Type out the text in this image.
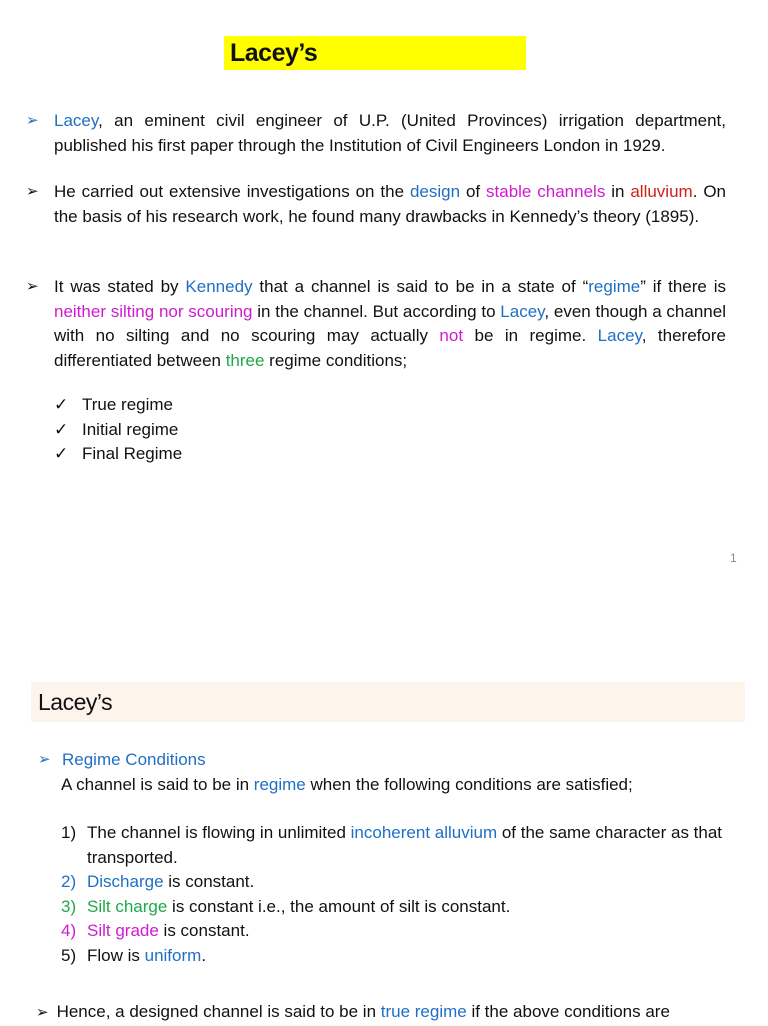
Lacey’s
➢ Lacey, an eminent civil engineer of U.P. (United Provinces) irrigation department, published his first paper through the Institution of Civil Engineers London in 1929.
➢ He carried out extensive investigations on the design of stable channels in alluvium. On the basis of his research work, he found many drawbacks in Kennedy’s theory (1895).
➢ It was stated by Kennedy that a channel is said to be in a state of “regime” if there is neither silting nor scouring in the channel. But according to Lacey, even though a channel with no silting and no scouring may actually not be in regime. Lacey, therefore differentiated between three regime conditions;
✓ True regime
✓ Initial regime
✓ Final Regime
1
Lacey’s
➢ Regime Conditions
A channel is said to be in regime when the following conditions are satisfied;
1) The channel is flowing in unlimited incoherent alluvium of the same character as that transported.
2) Discharge is constant.
3) Silt charge is constant i.e., the amount of silt is constant.
4) Silt grade is constant.
5) Flow is uniform.
➢ Hence, a designed channel is said to be in true regime if the above conditions are
